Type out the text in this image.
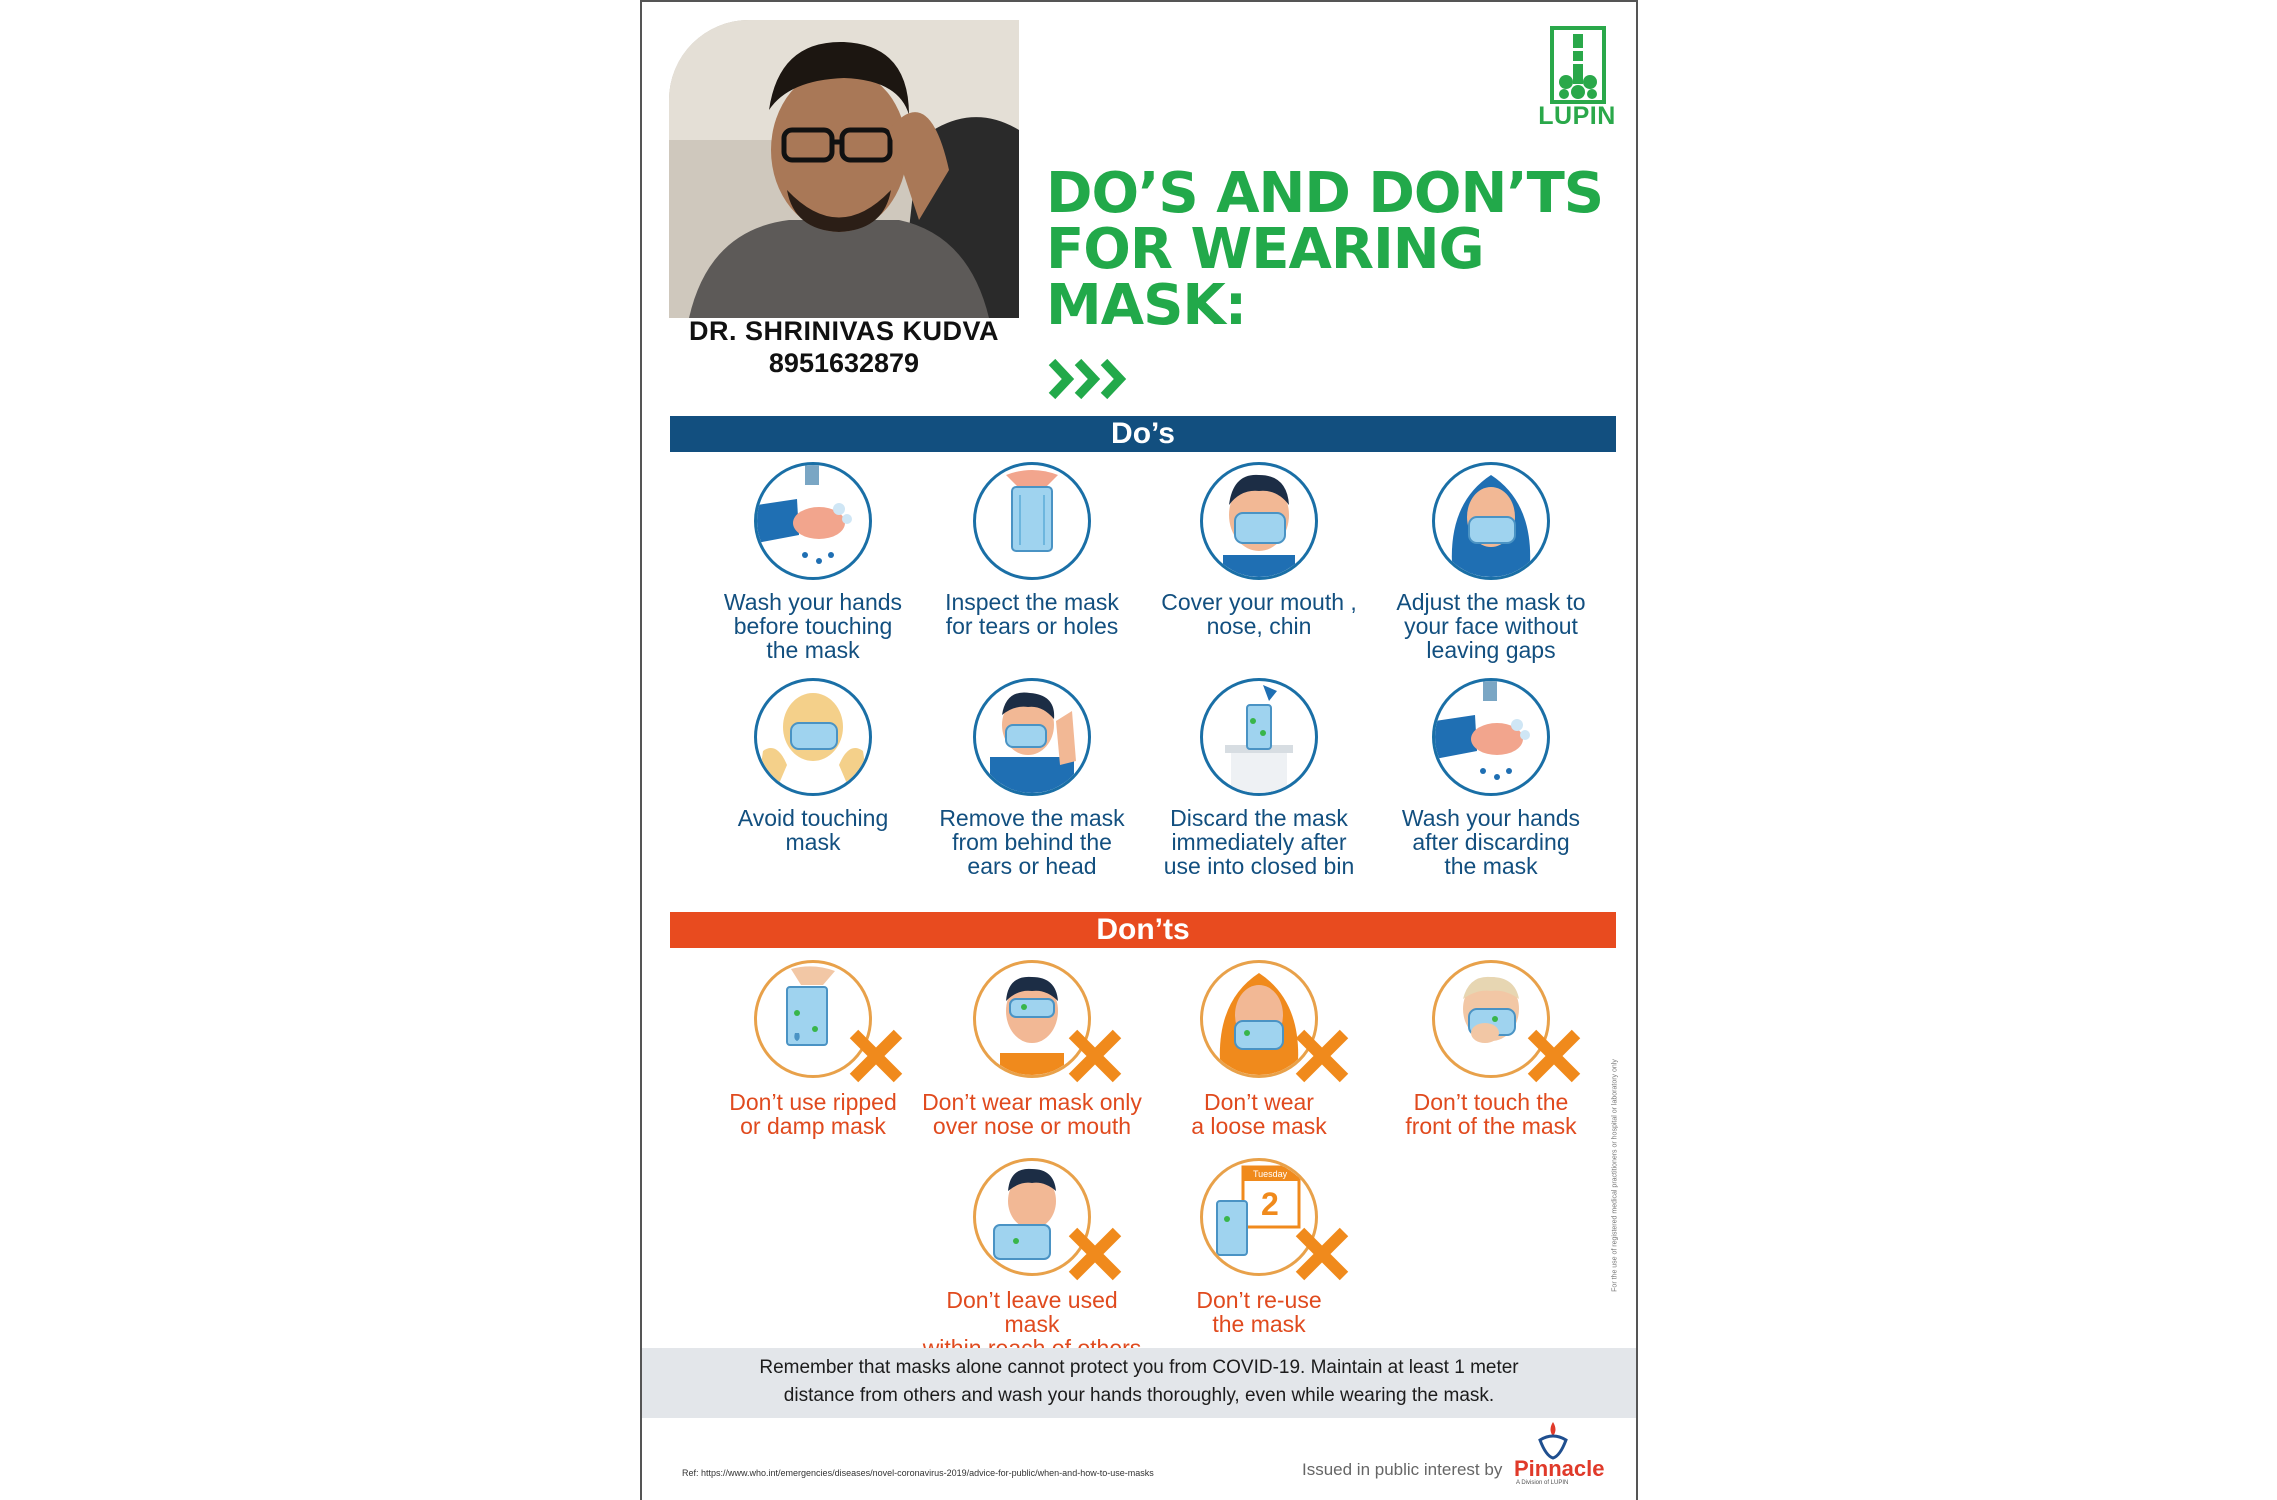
DR. SHRINIVAS KUDVA
8951632879
LUPIN
DO’S AND DON’TS
FOR WEARING
MASK:
Do’s
Wash your hands
before touching
the mask
Inspect the mask
for tears or holes
Cover your mouth ,
nose, chin
Adjust the mask to
your face without
leaving gaps
Avoid touching
mask
Remove the mask
from behind the
ears or head
Discard the mask
immediately after
use into closed bin
Wash your hands
after discarding
the mask
Don’ts
Don’t use ripped
or damp mask
Don’t wear mask only
over nose or mouth
Don’t wear
a loose mask
Don’t touch the
front of the mask
Don’t leave used mask

Tuesday
2
Don’t re-use
the mask
For the use of registered medical practitioners or hospital or laboratory only
Remember that masks alone cannot protect you from COVID-19. Maintain at least 1 meter
distance from others and wash your hands thoroughly, even while wearing the mask.
Ref: https://www.who.int/emergencies/diseases/novel-coronavirus-2019/advice-for-public/when-and-how-to-use-masks	Issued in public interest by Pinnacle
A Division of LUPIN
